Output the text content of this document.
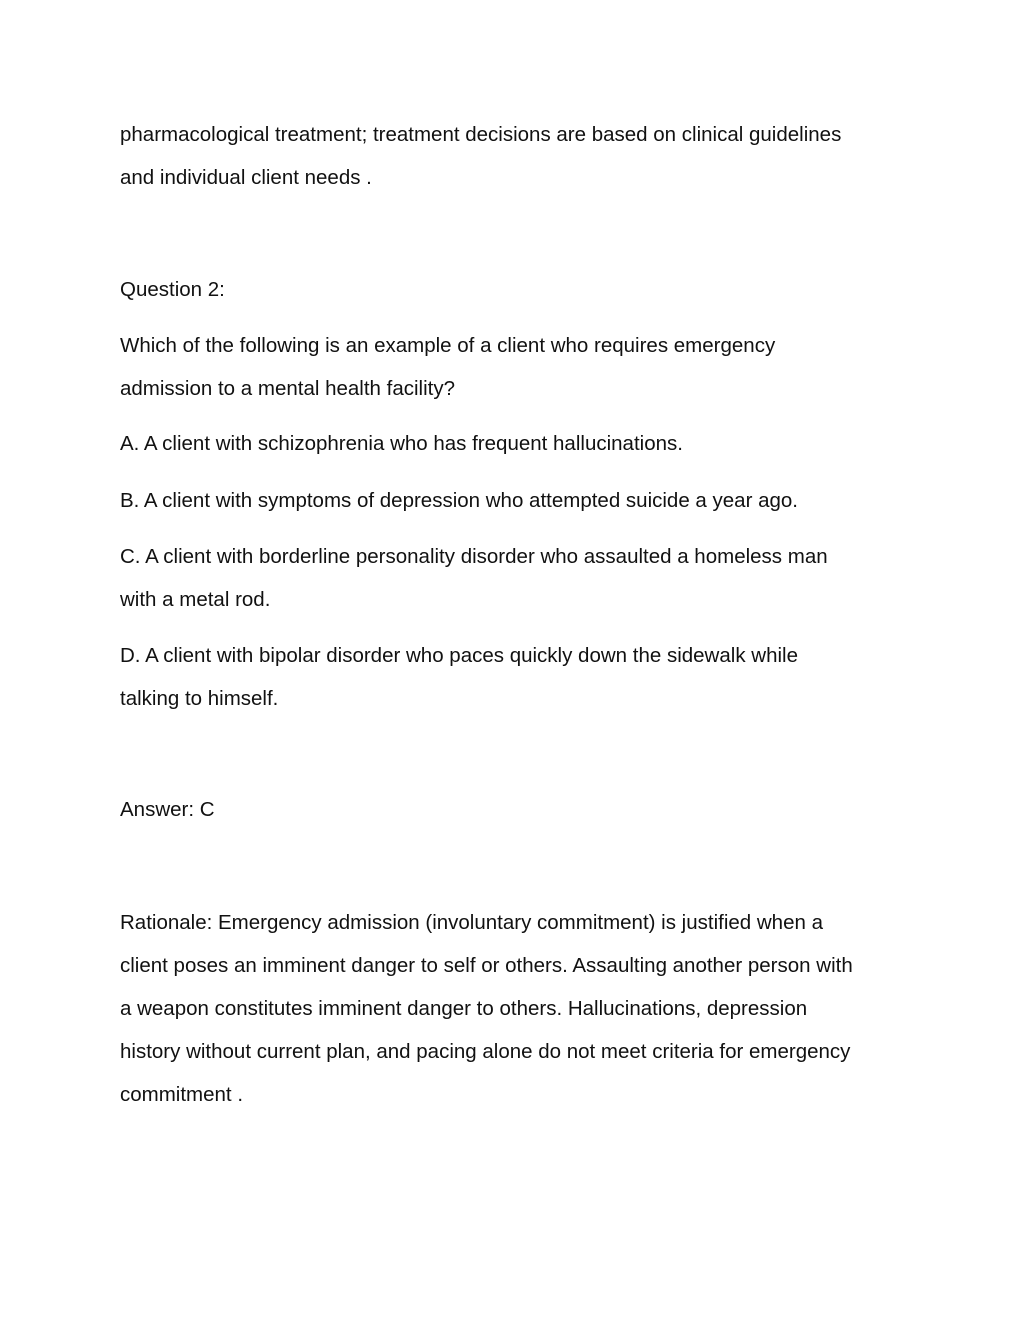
pharmacological treatment; treatment decisions are based on clinical guidelines
and individual client needs .

Question 2:

Which of the following is an example of a client who requires emergency
admission to a mental health facility?

A. A client with schizophrenia who has frequent hallucinations.

B. A client with symptoms of depression who attempted suicide a year ago.

C. A client with borderline personality disorder who assaulted a homeless man
with a metal rod.

D. A client with bipolar disorder who paces quickly down the sidewalk while
talking to himself.

Answer: C

Rationale: Emergency admission (involuntary commitment) is justified when a
client poses an imminent danger to self or others. Assaulting another person with
a weapon constitutes imminent danger to others. Hallucinations, depression
history without current plan, and pacing alone do not meet criteria for emergency
commitment .
